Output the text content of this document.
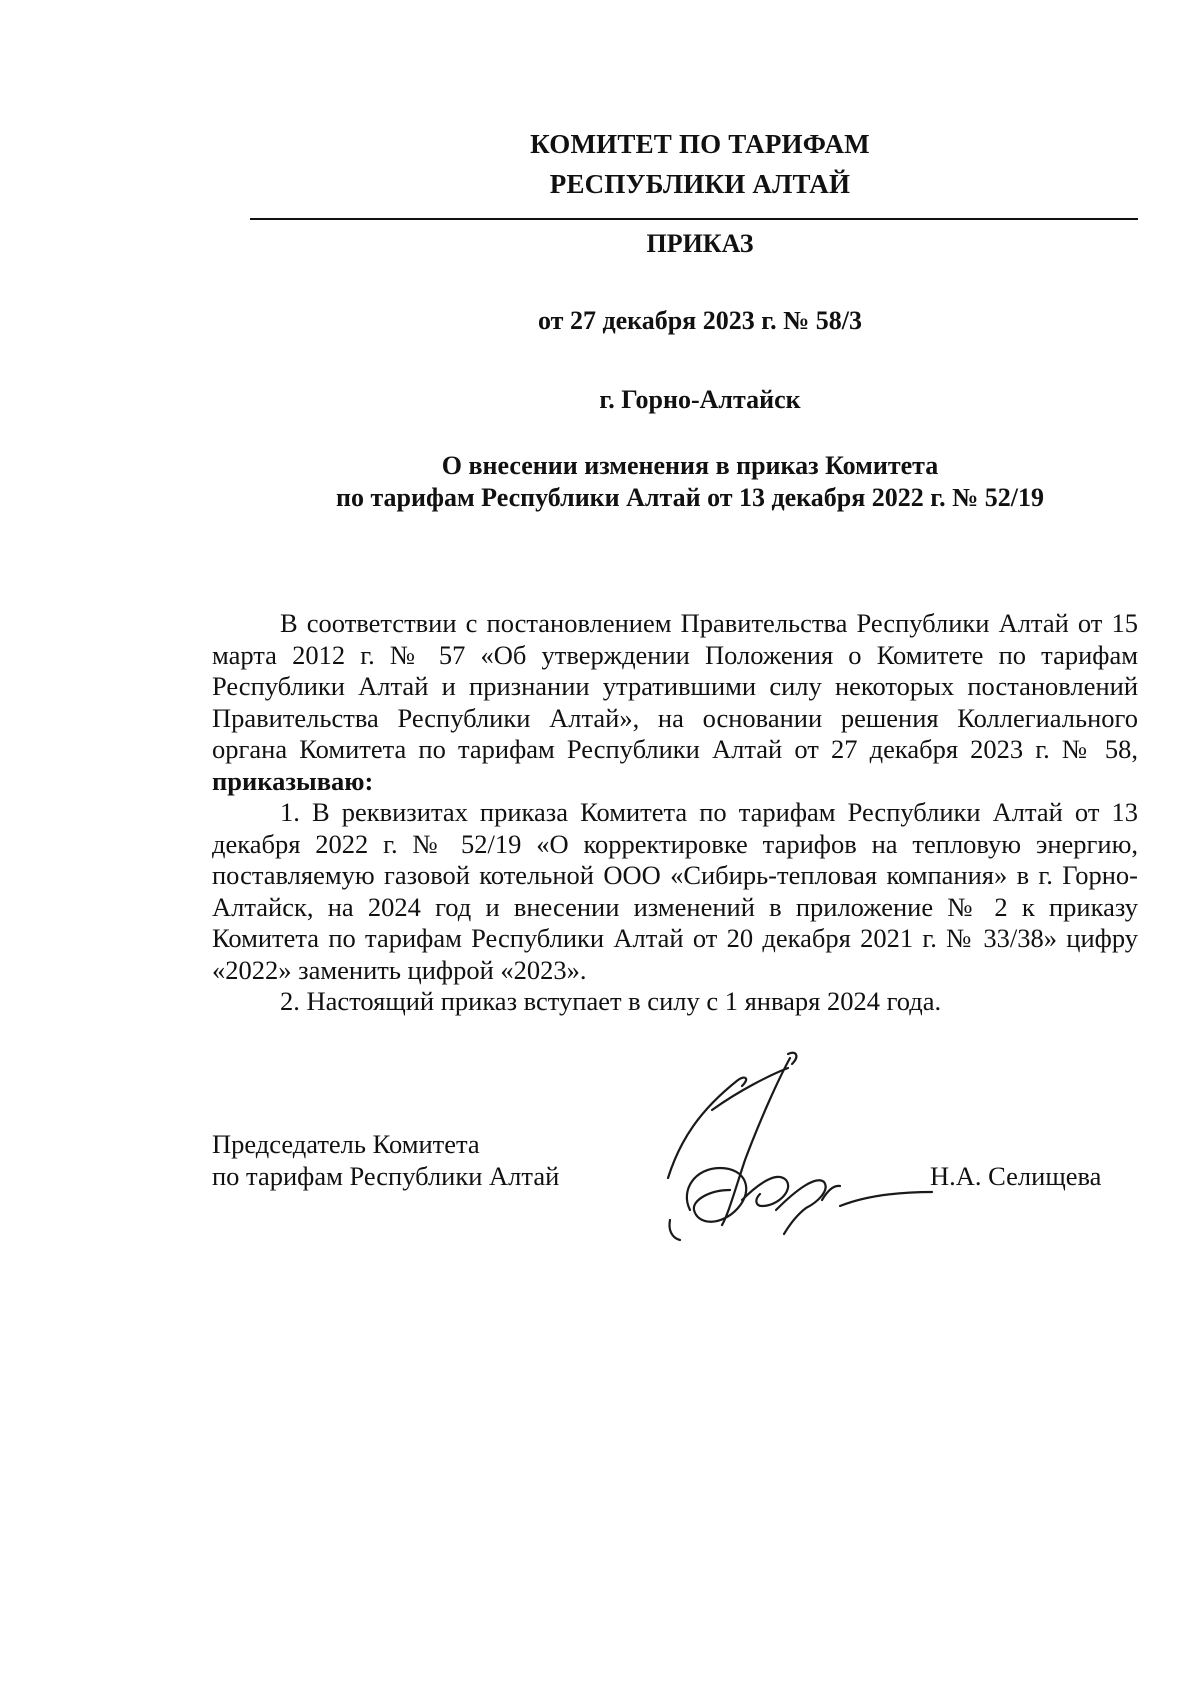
КОМИТЕТ ПО ТАРИФАМ
РЕСПУБЛИКИ АЛТАЙ
ПРИКАЗ
от 27 декабря 2023 г. № 58/3
г. Горно-Алтайск
О внесении изменения в приказ Комитета
по тарифам Республики Алтай от 13 декабря 2022 г. № 52/19

В соответствии с постановлением Правительства Республики Алтай от 15 марта 2012 г. № 57 «Об утверждении Положения о Комитете по тарифам Республики Алтай и признании утратившими силу некоторых постановлений Правительства Республики Алтай», на основании решения Коллегиального органа Комитета по тарифам Республики Алтай от 27 декабря 2023 г. № 58, приказываю:

1. В реквизитах приказа Комитета по тарифам Республики Алтай от 13 декабря 2022 г. № 52/19 «О корректировке тарифов на тепловую энергию, поставляемую газовой котельной ООО «Сибирь-тепловая компания» в г. Горно-Алтайск, на 2024 год и внесении изменений в приложение № 2 к приказу Комитета по тарифам Республики Алтай от 20 декабря 2021 г. № 33/38» цифру «2022» заменить цифрой «2023».

2. Настоящий приказ вступает в силу с 1 января 2024 года.

Председатель Комитета
по тарифам Республики Алтай	Н.А. Селищева
